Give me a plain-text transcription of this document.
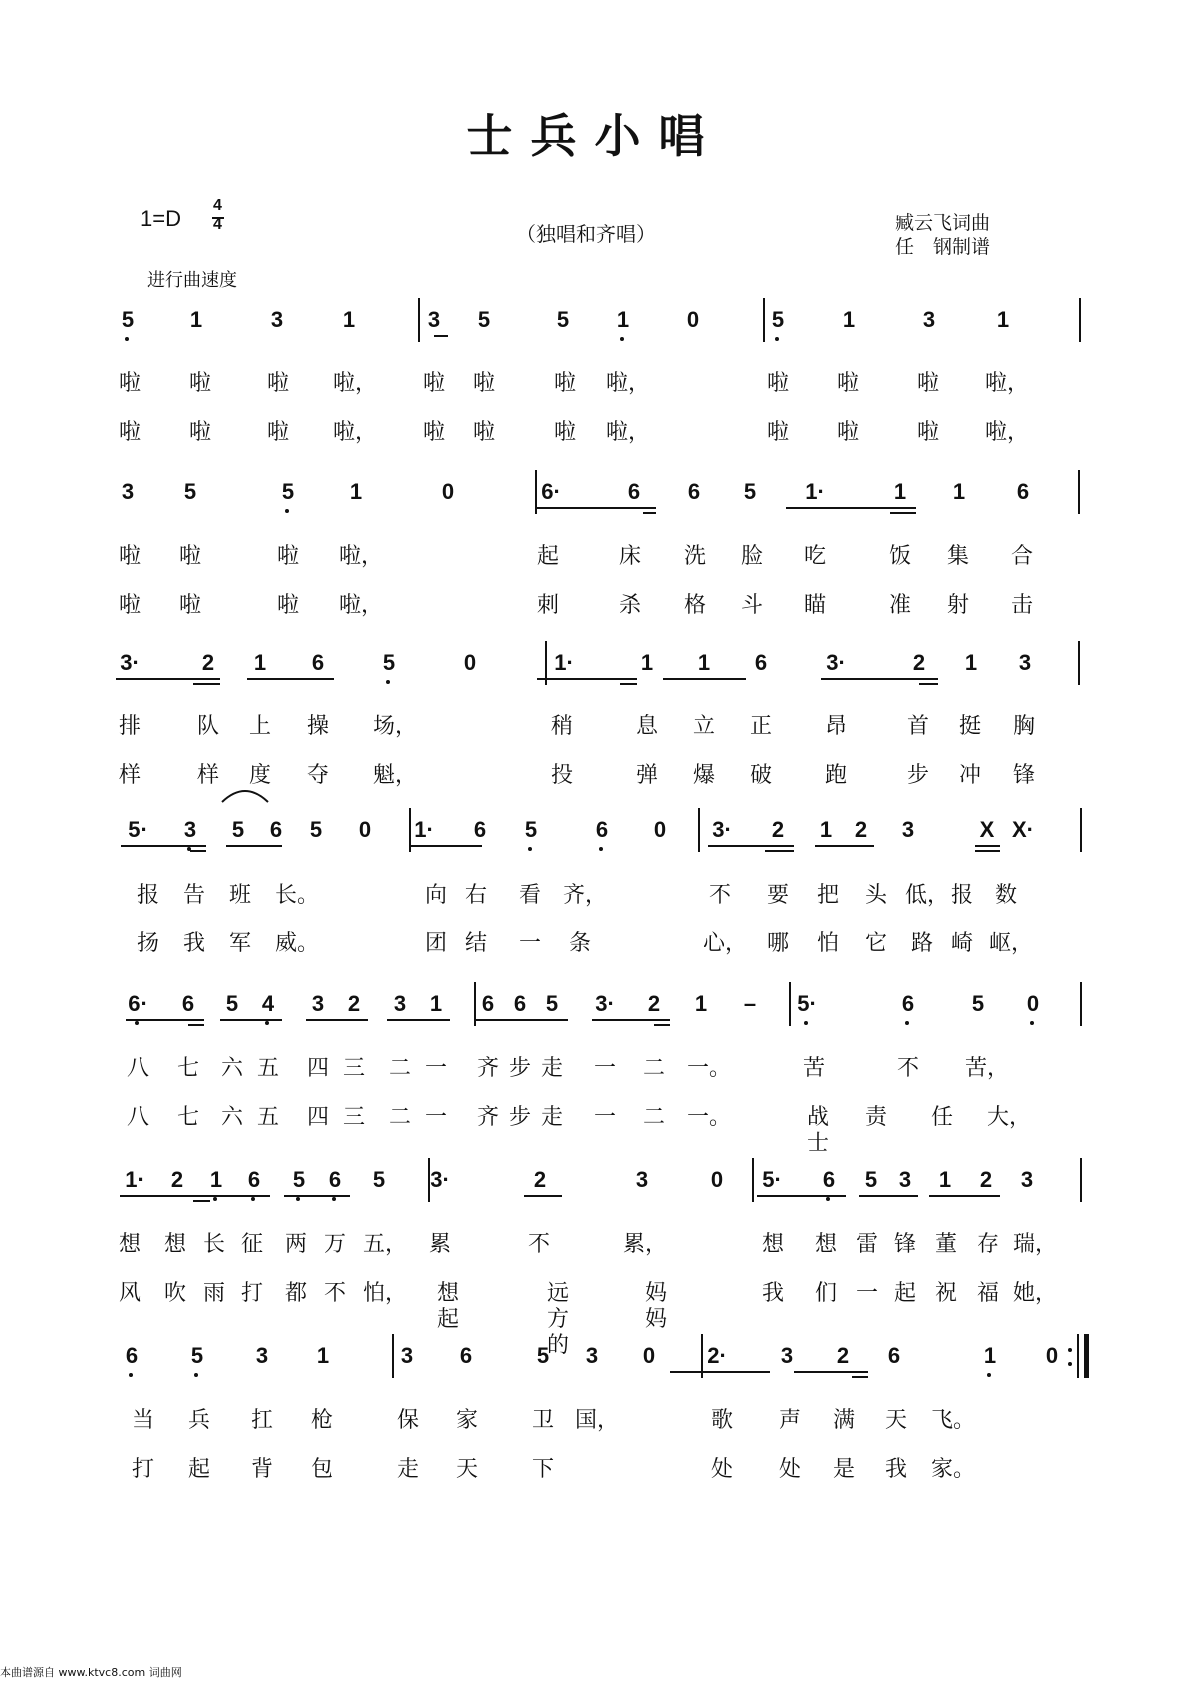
士兵小唱
1=D
4
4	（独唱和齐唱）	臧云飞词曲
任　钢制谱
进行曲速度
5	1	3	1	3	5	5	1	0	5	1	3	1
啦 啦	啦 啦， 啦 啦	啦 啦，	啦 啦	啦 啦，
啦 啦	啦 啦， 啦 啦	啦 啦，	啦 啦	啦 啦，
3	5	5	1	0	6·	6	6	5	1·	1	1	6
啦 啦	啦 啦，	起	床 洗 脸 吃	饭 集 合
啦 啦	啦 啦，	刺	杀 格 斗 瞄	准 射 击
3·	2	1	6	5	0	1·	1	1	6	3·	2	1	3
排	队 上 操 场，	稍	息 立 正 昂	首 挺 胸
样	样 度 夺 魁，	投	弹 爆 破 跑	步 冲 锋
5·	3	5	6	5	0	1·	6	5	6	0	3·	2	1	2	3	X X·
报 告 班 长。	向 右 看 齐，	不 要 把 头 低， 报 数
扬 我 军 威。	团 结 一 条	心， 哪 怕 它 路 崎 岖，
6·	6	5	4	3	2	3	1	6 6 5	3·	2	1	–	5·	6	5	0
八 七 六 五 四 三 二 一 齐 步 走 一 二 一。	苦	不 苦，
八 七 六 五 四 三 二 一 齐 步 走 一 二 一。	战士
责 任 大，
1·	2	1	6	5	6	5	3·	2	3	0	5·	6	5 3	1	2	3
想 想 长 征 两 万 五， 累	不	累，	想 想 雷 锋 董 存 瑞，
风 吹 雨 打 都 不 怕， 想起
远方的
妈妈
我 们 一 起 祝 福 她，
6	5	3	1	3	6	5	3	0	2·	3	2	6	1	0
当 兵 扛 枪	保 家 卫 国，	歌 声 满 天 飞。
打 起 背 包	走 天 下	处 处 是 我 家。
本曲谱源自 www.ktvc8.com 词曲网
